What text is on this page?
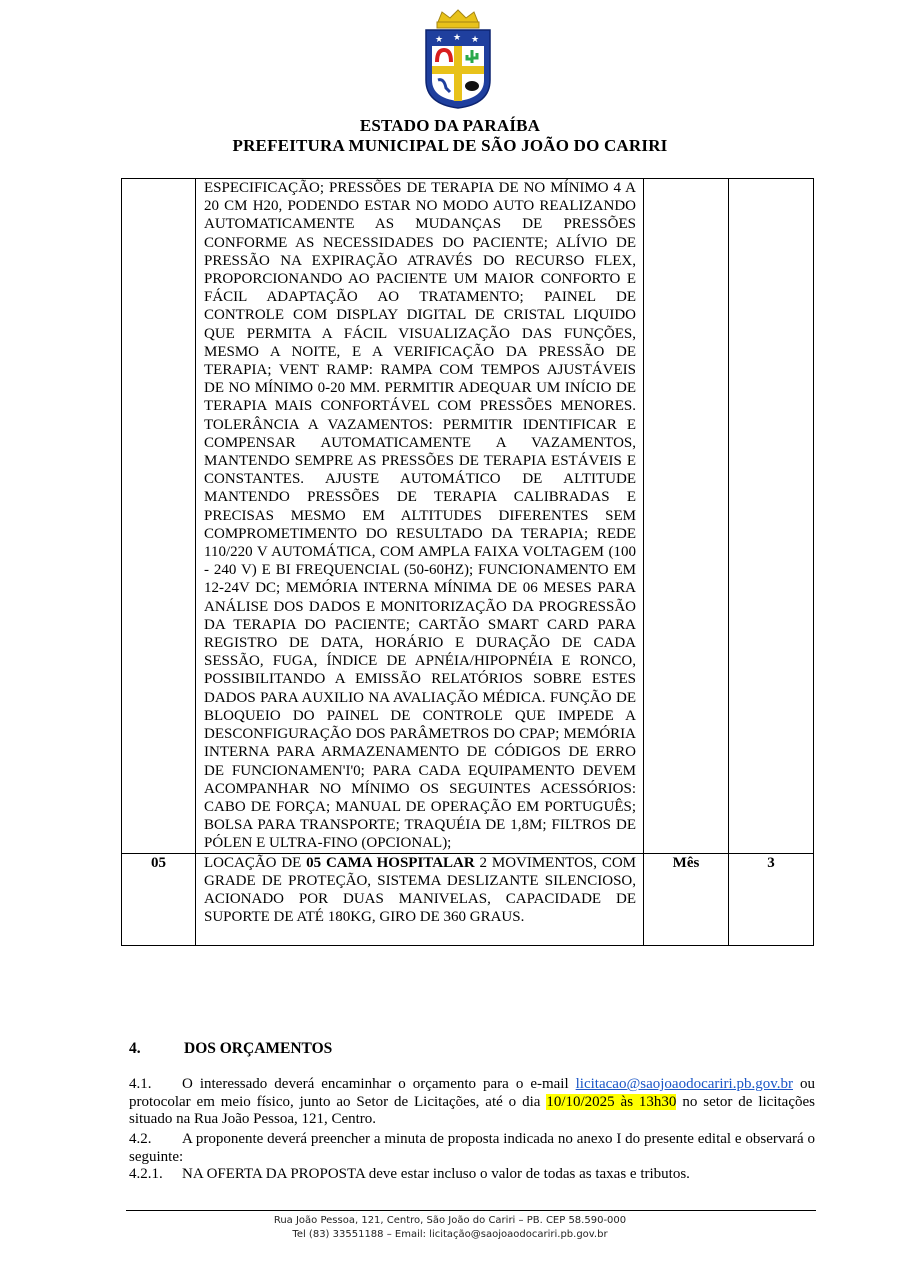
★ ★ ★
ESTADO DA PARAÍBA
PREFEITURA MUNICIPAL DE SÃO JOÃO DO CARIRI

	ESPECIFICAÇÃO; PRESSÕES DE TERAPIA DE NO MÍNIMO 4 A 20 CM H20, PODENDO ESTAR NO MODO AUTO REALIZANDO AUTOMATICAMENTE AS MUDANÇAS DE PRESSÕES CONFORME AS NECESSIDADES DO PACIENTE; ALÍVIO DE PRESSÃO NA EXPIRAÇÃO ATRAVÉS DO RECURSO FLEX, PROPORCIONANDO AO PACIENTE UM MAIOR CONFORTO E FÁCIL ADAPTAÇÃO AO TRATAMENTO; PAINEL DE CONTROLE COM DISPLAY DIGITAL DE CRISTAL LIQUIDO QUE PERMITA A FÁCIL VISUALIZAÇÃO DAS FUNÇÕES, MESMO A NOITE, E A VERIFICAÇÃO DA PRESSÃO DE TERAPIA; VENT RAMP: RAMPA COM TEMPOS AJUSTÁVEIS DE NO MÍNIMO 0-20 MM. PERMITIR ADEQUAR UM INÍCIO DE TERAPIA MAIS CONFORTÁVEL COM PRESSÕES MENORES. TOLERÂNCIA A VAZAMENTOS: PERMITIR IDENTIFICAR E COMPENSAR AUTOMATICAMENTE A VAZAMENTOS, MANTENDO SEMPRE AS PRESSÕES DE TERAPIA ESTÁVEIS E CONSTANTES. AJUSTE AUTOMÁTICO DE ALTITUDE MANTENDO PRESSÕES DE TERAPIA CALIBRADAS E PRECISAS MESMO EM ALTITUDES DIFERENTES SEM COMPROMETIMENTO DO RESULTADO DA TERAPIA; REDE 110/220 V AUTOMÁTICA, COM AMPLA FAIXA VOLTAGEM (100 - 240 V) E BI FREQUENCIAL (50-60HZ); FUNCIONAMENTO EM 12-24V DC; MEMÓRIA INTERNA MÍNIMA DE 06 MESES PARA ANÁLISE DOS DADOS E MONITORIZAÇÃO DA PROGRESSÃO DA TERAPIA DO PACIENTE; CARTÃO SMART CARD PARA REGISTRO DE DATA, HORÁRIO E DURAÇÃO DE CADA SESSÃO, FUGA, ÍNDICE DE APNÉIA/HIPOPNÉIA E RONCO, POSSIBILITANDO A EMISSÃO RELATÓRIOS SOBRE ESTES DADOS PARA AUXILIO NA AVALIAÇÃO MÉDICA. FUNÇÃO DE BLOQUEIO DO PAINEL DE CONTROLE QUE IMPEDE A DESCONFIGURAÇÃO DOS PARÂMETROS DO CPAP; MEMÓRIA INTERNA PARA ARMAZENAMENTO DE CÓDIGOS DE ERRO DE FUNCIONAMEN'I'0; PARA CADA EQUIPAMENTO DEVEM ACOMPANHAR NO MÍNIMO OS SEGUINTES ACESSÓRIOS: CABO DE FORÇA; MANUAL DE OPERAÇÃO EM PORTUGUÊS; BOLSA PARA TRANSPORTE; TRAQUÉIA DE 1,8M; FILTROS DE PÓLEN E ULTRA-FINO (OPCIONAL);		

05	LOCAÇÃO DE 05 CAMA HOSPITALAR 2 MOVIMENTOS, COM GRADE DE PROTEÇÃO, SISTEMA DESLIZANTE SILENCIOSO, ACIONADO POR DUAS MANIVELAS, CAPACIDADE DE SUPORTE DE ATÉ 180KG, GIRO DE 360 GRAUS.	Mês	3
4.	DOS ORÇAMENTOS
4.1. O interessado deverá encaminhar o orçamento para o e-mail licitacao@saojoaodocariri.pb.gov.br ou protocolar em meio físico, junto ao Setor de Licitações, até o dia 10/10/2025 às 13h30 no setor de licitações situado na Rua João Pessoa, 121, Centro.
4.2. A proponente deverá preencher a minuta de proposta indicada no anexo I do presente edital e observará o seguinte:
4.2.1. NA OFERTA DA PROPOSTA deve estar incluso o valor de todas as taxas e tributos.
Rua João Pessoa, 121, Centro, São João do Cariri – PB. CEP 58.590-000
Tel (83) 33551188 – Email: licitação@saojoaodocariri.pb.gov.br
